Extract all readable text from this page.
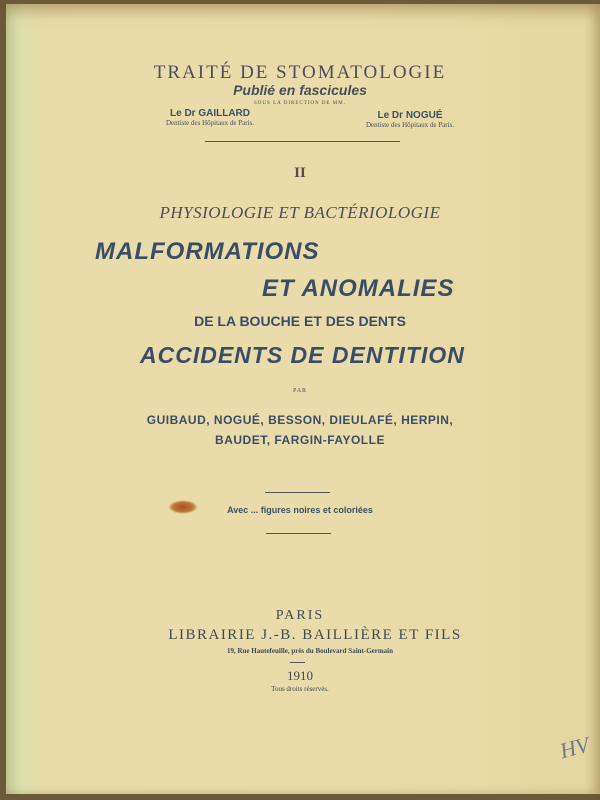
TRAITÉ DE STOMATOLOGIE
Publié en fascicules
SOUS LA DIRECTION DE MM.
Le Dr GAILLARD
Dentiste des Hôpitaux de Paris.
Le Dr NOGUÉ
Dentiste des Hôpitaux de Paris.
II
PHYSIOLOGIE ET BACTÉRIOLOGIE
MALFORMATIONS
ET ANOMALIES
DE LA BOUCHE ET DES DENTS
ACCIDENTS DE DENTITION
PAR
GUIBAUD, NOGUÉ, BESSON, DIEULAFÉ, HERPIN,
BAUDET, FARGIN-FAYOLLE
Avec ... figures noires et coloriées
PARIS
LIBRAIRIE J.-B. BAILLIÈRE ET FILS
19, Rue Hautefeuille, près du Boulevard Saint-Germain
1910
Tous droits réservés.
HV
